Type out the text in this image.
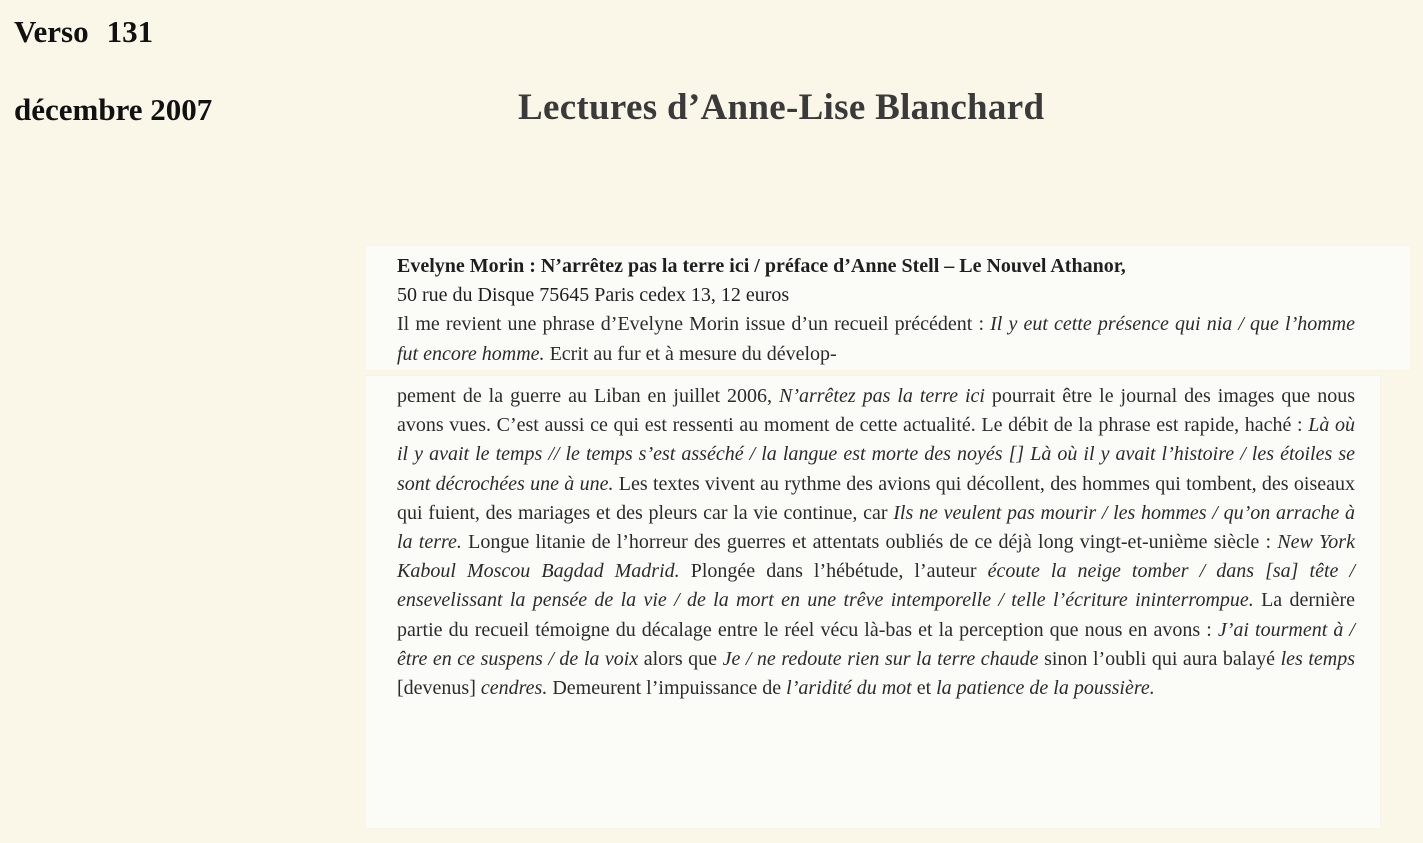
Verso 131
décembre 2007	Lectures d’Anne-Lise Blanchard

Evelyne Morin : N’arrêtez pas la terre ici / préface d’Anne Stell – Le Nouvel Athanor,
50 rue du Disque 75645 Paris cedex 13, 12 euros
Il me revient une phrase d’Evelyne Morin issue d’un recueil précédent : Il y eut cette présence qui nia / que l’homme fut encore homme. Ecrit au fur et à mesure du dévelop-

pement de la guerre au Liban en juillet 2006, N’arrêtez pas la terre ici pourrait être le journal des images que nous avons vues. C’est aussi ce qui est ressenti au moment de cette actualité. Le débit de la phrase est rapide, haché : Là où il y avait le temps // le temps s’est asséché / la langue est morte des noyés [] Là où il y avait l’histoire / les étoiles se sont décrochées une à une. Les textes vivent au rythme des avions qui décollent, des hommes qui tombent, des oiseaux qui fuient, des mariages et des pleurs car la vie continue, car Ils ne veulent pas mourir / les hommes / qu’on arrache à la terre. Longue litanie de l’horreur des guerres et attentats oubliés de ce déjà long vingt-et-unième siècle : New York Kaboul Moscou Bagdad Madrid. Plongée dans l’hébétude, l’auteur écoute la neige tomber / dans [sa] tête / ensevelissant la pensée de la vie / de la mort en une trêve intemporelle / telle l’écriture ininterrompue. La dernière partie du recueil témoigne du décalage entre le réel vécu là-bas et la perception que nous en avons : J’ai tourment à / être en ce suspens / de la voix alors que Je / ne redoute rien sur la terre chaude sinon l’oubli qui aura balayé les temps [devenus] cendres. Demeurent l’impuissance de l’aridité du mot et la patience de la poussière.
